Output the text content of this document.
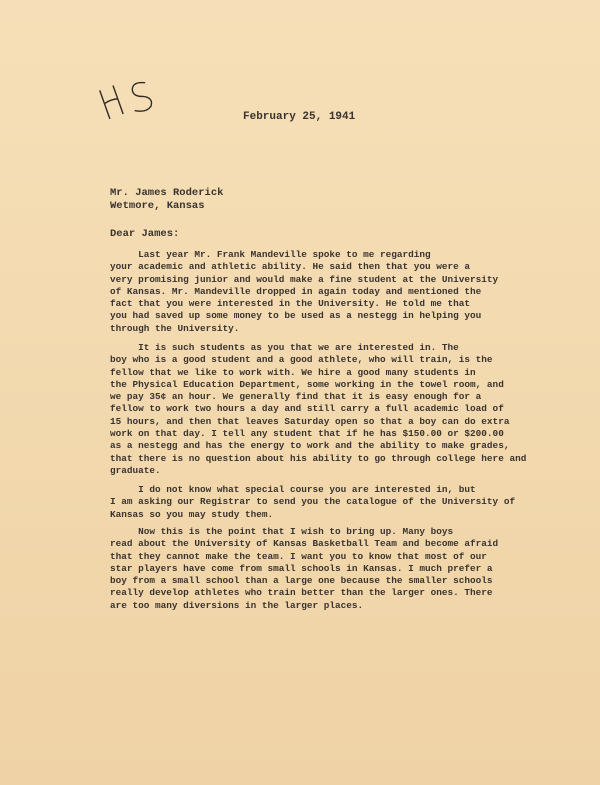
February 25, 1941
Mr. James Roderick
Wetmore, Kansas
Dear James:
Last year Mr. Frank Mandeville spoke to me regarding
your academic and athletic ability. He said then that you were a
very promising junior and would make a fine student at the University
of Kansas. Mr. Mandeville dropped in again today and mentioned the
fact that you were interested in the University. He told me that
you had saved up some money to be used as a nestegg in helping you
through the University.
It is such students as you that we are interested in. The
boy who is a good student and a good athlete, who will train, is the
fellow that we like to work with. We hire a good many students in
the Physical Education Department, some working in the towel room, and
we pay 35¢ an hour. We generally find that it is easy enough for a
fellow to work two hours a day and still carry a full academic load of
15 hours, and then that leaves Saturday open so that a boy can do extra
work on that day. I tell any student that if he has $150.00 or $200.00
as a nestegg and has the energy to work and the ability to make grades,
that there is no question about his ability to go through college here and
graduate.
I do not know what special course you are interested in, but
I am asking our Registrar to send you the catalogue of the University of
Kansas so you may study them.
Now this is the point that I wish to bring up. Many boys
read about the University of Kansas Basketball Team and become afraid
that they cannot make the team. I want you to know that most of our
star players have come from small schools in Kansas. I much prefer a
boy from a small school than a large one because the smaller schools
really develop athletes who train better than the larger ones. There
are too many diversions in the larger places.
